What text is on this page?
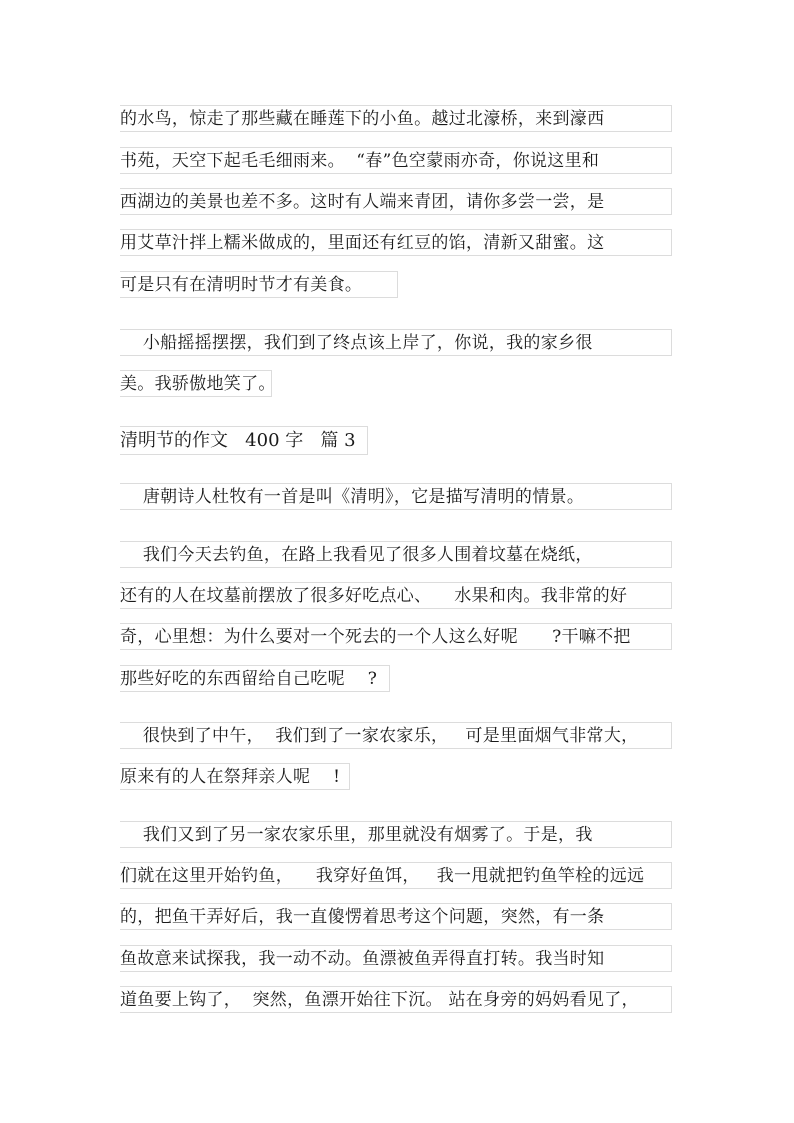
的水鸟，惊走了那些藏在睡莲下的小鱼。越过北濠桥，来到濠西
书苑，天空下起毛毛细雨来。  “春”色空蒙雨亦奇，你说这里和
西湖边的美景也差不多。这时有人端来青团，请你多尝一尝，是
用艾草汁拌上糯米做成的，里面还有红豆的馅，清新又甜蜜。这
可是只有在清明时节才有美食。
小船摇摇摆摆，我们到了终点该上岸了，你说，我的家乡很
美。我骄傲地笑了。
清明节的作文   400 字   篇 3
唐朝诗人杜牧有一首是叫《清明》，它是描写清明的情景。
我们今天去钓鱼，在路上我看见了很多人围着坟墓在烧纸，
还有的人在坟墓前摆放了很多好吃点心、    水果和肉。我非常的好
奇，心里想：为什么要对一个死去的一个人这么好呢      ?干嘛不把
那些好吃的东西留给自己吃呢    ?
很快到了中午，  我们到了一家农家乐，   可是里面烟气非常大，
原来有的人在祭拜亲人呢    !
我们又到了另一家农家乐里，那里就没有烟雾了。于是，我
们就在这里开始钓鱼，    我穿好鱼饵，   我一甩就把钓鱼竿栓的远远
的，把鱼干弄好后，我一直傻愣着思考这个问题，突然，有一条
鱼故意来试探我，我一动不动。鱼漂被鱼弄得直打转。我当时知
道鱼要上钩了，  突然，鱼漂开始往下沉。 站在身旁的妈妈看见了，
